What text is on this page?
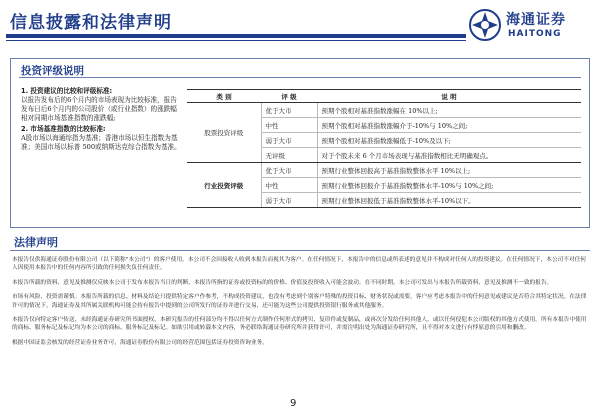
信息披露和法律声明	海通证券
HAITONG
投资评级说明

1. 投资建议的比较和评级标准:
以报告发布后的6个月内的市场表现为比较标准，报告发布日后6个月内的公司股价（或行业指数）的涨跌幅相对同期市场基准指数的涨跌幅;

2. 市场基准指数的比较标准:
A股市场以海通综指为基准；香港市场以恒生指数为基准；美国市场以标普 500或纳斯达克综合指数为基准。

类 别	评 级	说 明
股票投资评级	优于大市	预期个股相对基准指数涨幅在 10%以上;
	中性	预期个股相对基准指数涨幅介于-10%与 10%之间;
	弱于大市	预期个股相对基准指数涨幅低于-10%及以下;
	无评级	对于个股未来 6 个月市场表现与基准指数相比无明确观点。
行业投资评级	优于大市	预期行业整体回报高于基准指数整体水平 10%以上;
	中性	预期行业整体回报介于基准指数整体水平-10%与 10%之间;
	弱于大市	预期行业整体回报低于基准指数整体水平-10%以下。
法律声明

本报告仅供海通证券股份有限公司（以下简称"本公司"）的客户使用。本公司不会因接收人收到本报告而视其为客户。在任何情况下，本报告中的信息或所表述的意见并不构成对任何人的投资建议。在任何情况下，本公司不对任何人因使用本报告中的任何内容所引致的任何损失负任何责任。

本报告所载的资料、意见及推测仅反映本公司于发布本报告当日的判断，本报告所指的证券或投资标的的价格、价值及投资收入可能会波动。在不同时期，本公司可发出与本报告所载资料、意见及推测不一致的报告。

市场有风险，投资需谨慎。本报告所载的信息、材料及结论只提供特定客户作参考，不构成投资建议，也没有考虑到个别客户特殊的投资目标、财务状况或需要。客户应考虑本报告中的任何意见或建议是否符合其特定状况。在法律许可的情况下，海通证券及其所属关联机构可能会持有报告中提到的公司所发行的证券并进行交易，还可能为这些公司提供投资银行服务或其他服务。

本报告仅向特定客户传送，未经海通证券研究所书面授权，本研究报告的任何部分均不得以任何方式制作任何形式的拷贝、复印件或复制品，或再次分发给任何其他人，或以任何侵犯本公司版权的其他方式使用。所有本报告中使用的商标、服务标记及标记均为本公司的商标、服务标记及标记。如欲引用或转载本文内容，务必联络海通证券研究所并获得许可，并需注明出处为海通证券研究所，且不得对本文进行有悖原意的引用和删改。

根据中国证监会核发的经营证券业务许可，海通证券股份有限公司的经营范围包括证券投资咨询业务。

9
